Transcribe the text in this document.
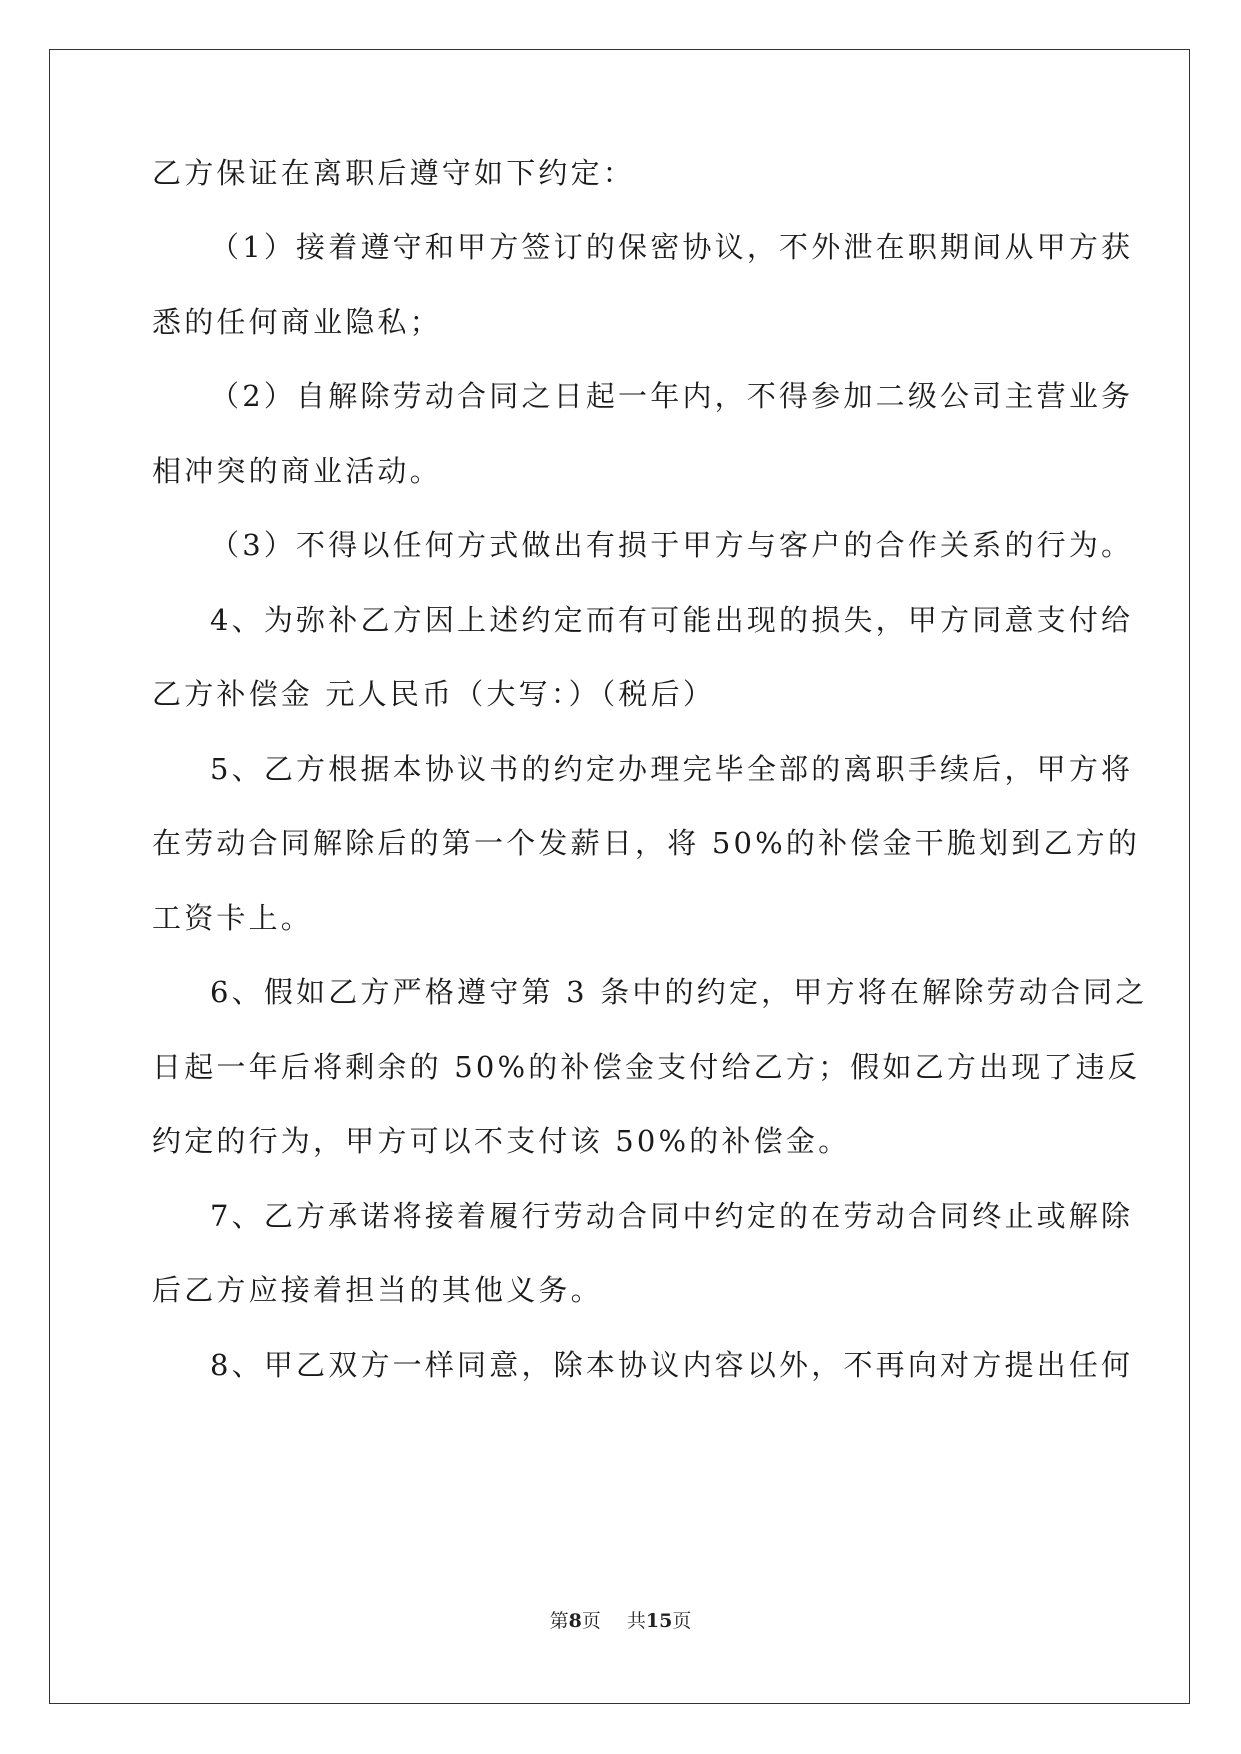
乙方保证在离职后遵守如下约定：

（1）接着遵守和甲方签订的保密协议，不外泄在职期间从甲方获

悉的任何商业隐私；

（2）自解除劳动合同之日起一年内，不得参加二级公司主营业务

相冲突的商业活动。

（3）不得以任何方式做出有损于甲方与客户的合作关系的行为。

4、为弥补乙方因上述约定而有可能出现的损失，甲方同意支付给

乙方补偿金 元人民币（大写：）（税后）

5、乙方根据本协议书的约定办理完毕全部的离职手续后，甲方将

在劳动合同解除后的第一个发薪日，将 50%的补偿金干脆划到乙方的

工资卡上。

6、假如乙方严格遵守第 3 条中的约定，甲方将在解除劳动合同之

日起一年后将剩余的 50%的补偿金支付给乙方；假如乙方出现了违反

约定的行为，甲方可以不支付该 50%的补偿金。

7、乙方承诺将接着履行劳动合同中约定的在劳动合同终止或解除

后乙方应接着担当的其他义务。

8、甲乙双方一样同意，除本协议内容以外，不再向对方提出任何

第8页 共15页
